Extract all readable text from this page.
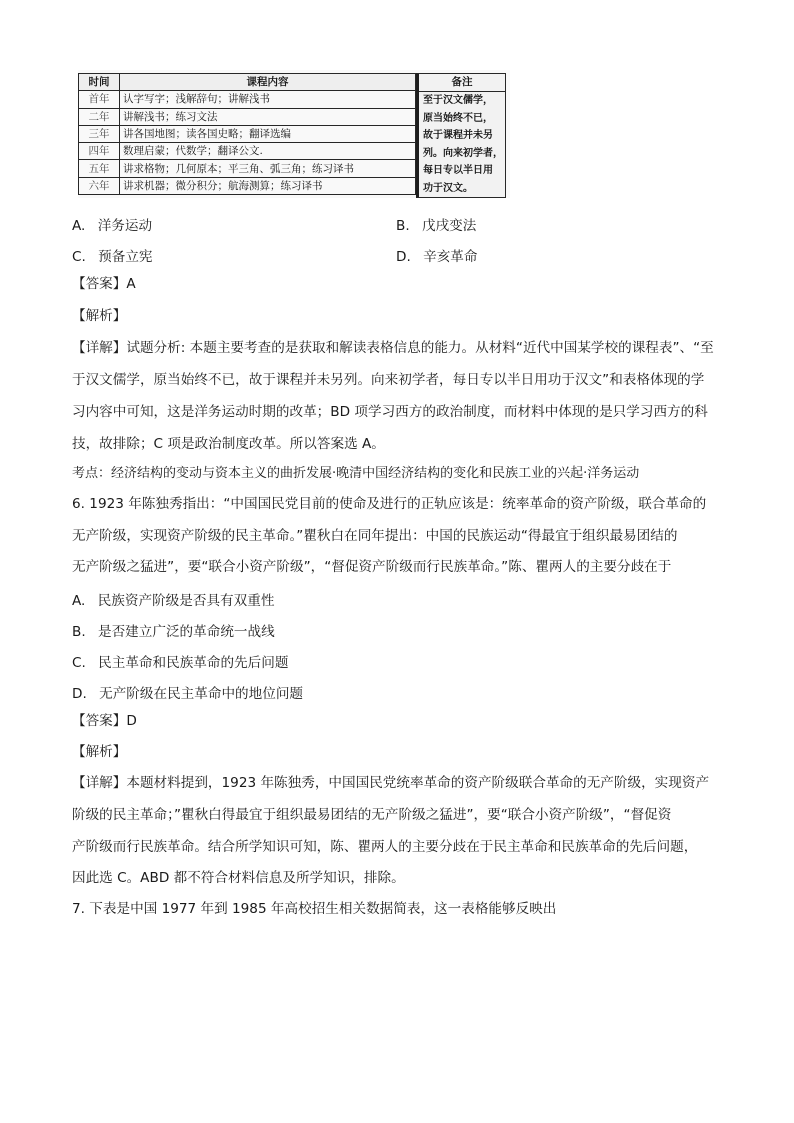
时间	课程内容
首年	认字写字；浅解辞句；讲解浅书
二年	讲解浅书；练习文法
三年	讲各国地图；读各国史略；翻译选编
四年	数理启蒙；代数学；翻译公文.
五年	讲求格物；几何原本；平三角、弧三角；练习译书
六年	讲求机器；微分积分；航海测算；练习译书
备注
至于汉文儒学，
原当始终不已，
故于课程并未另
列。向来初学者，
每日专以半日用
功于汉文。
A. 洋务运动	B. 戊戌变法
C. 预备立宪	D. 辛亥革命
【答案】A
【解析】
【详解】试题分析: 本题主要考查的是获取和解读表格信息的能力。从材料“近代中国某学校的课程表”、“至
于汉文儒学，原当始终不已，故于课程并未另列。向来初学者，每日专以半日用功于汉文”和表格体现的学
习内容中可知，这是洋务运动时期的改革；BD 项学习西方的政治制度，而材料中体现的是只学习西方的科
技，故排除；C 项是政治制度改革。所以答案选 A。
考点：经济结构的变动与资本主义的曲折发展·晚清中国经济结构的变化和民族工业的兴起·洋务运动
6. 1923 年陈独秀指出：“中国国民党目前的使命及进行的正轨应该是：统率革命的资产阶级，联合革命的
无产阶级，实现资产阶级的民主革命。”瞿秋白在同年提出：中国的民族运动“得最宜于组织最易团结的
无产阶级之猛进”，要“联合小资产阶级”，“督促资产阶级而行民族革命。”陈、瞿两人的主要分歧在于
A. 民族资产阶级是否具有双重性
B. 是否建立广泛的革命统一战线
C. 民主革命和民族革命的先后问题
D. 无产阶级在民主革命中的地位问题
【答案】D
【解析】
【详解】本题材料提到，1923 年陈独秀，中国国民党统率革命的资产阶级联合革命的无产阶级，实现资产
阶级的民主革命；”瞿秋白得最宜于组织最易团结的无产阶级之猛进”，要“联合小资产阶级”，“督促资
产阶级而行民族革命。结合所学知识可知，陈、瞿两人的主要分歧在于民主革命和民族革命的先后问题，
因此选 C。ABD 都不符合材料信息及所学知识，排除。
7. 下表是中国 1977 年到 1985 年高校招生相关数据简表，这一表格能够反映出
